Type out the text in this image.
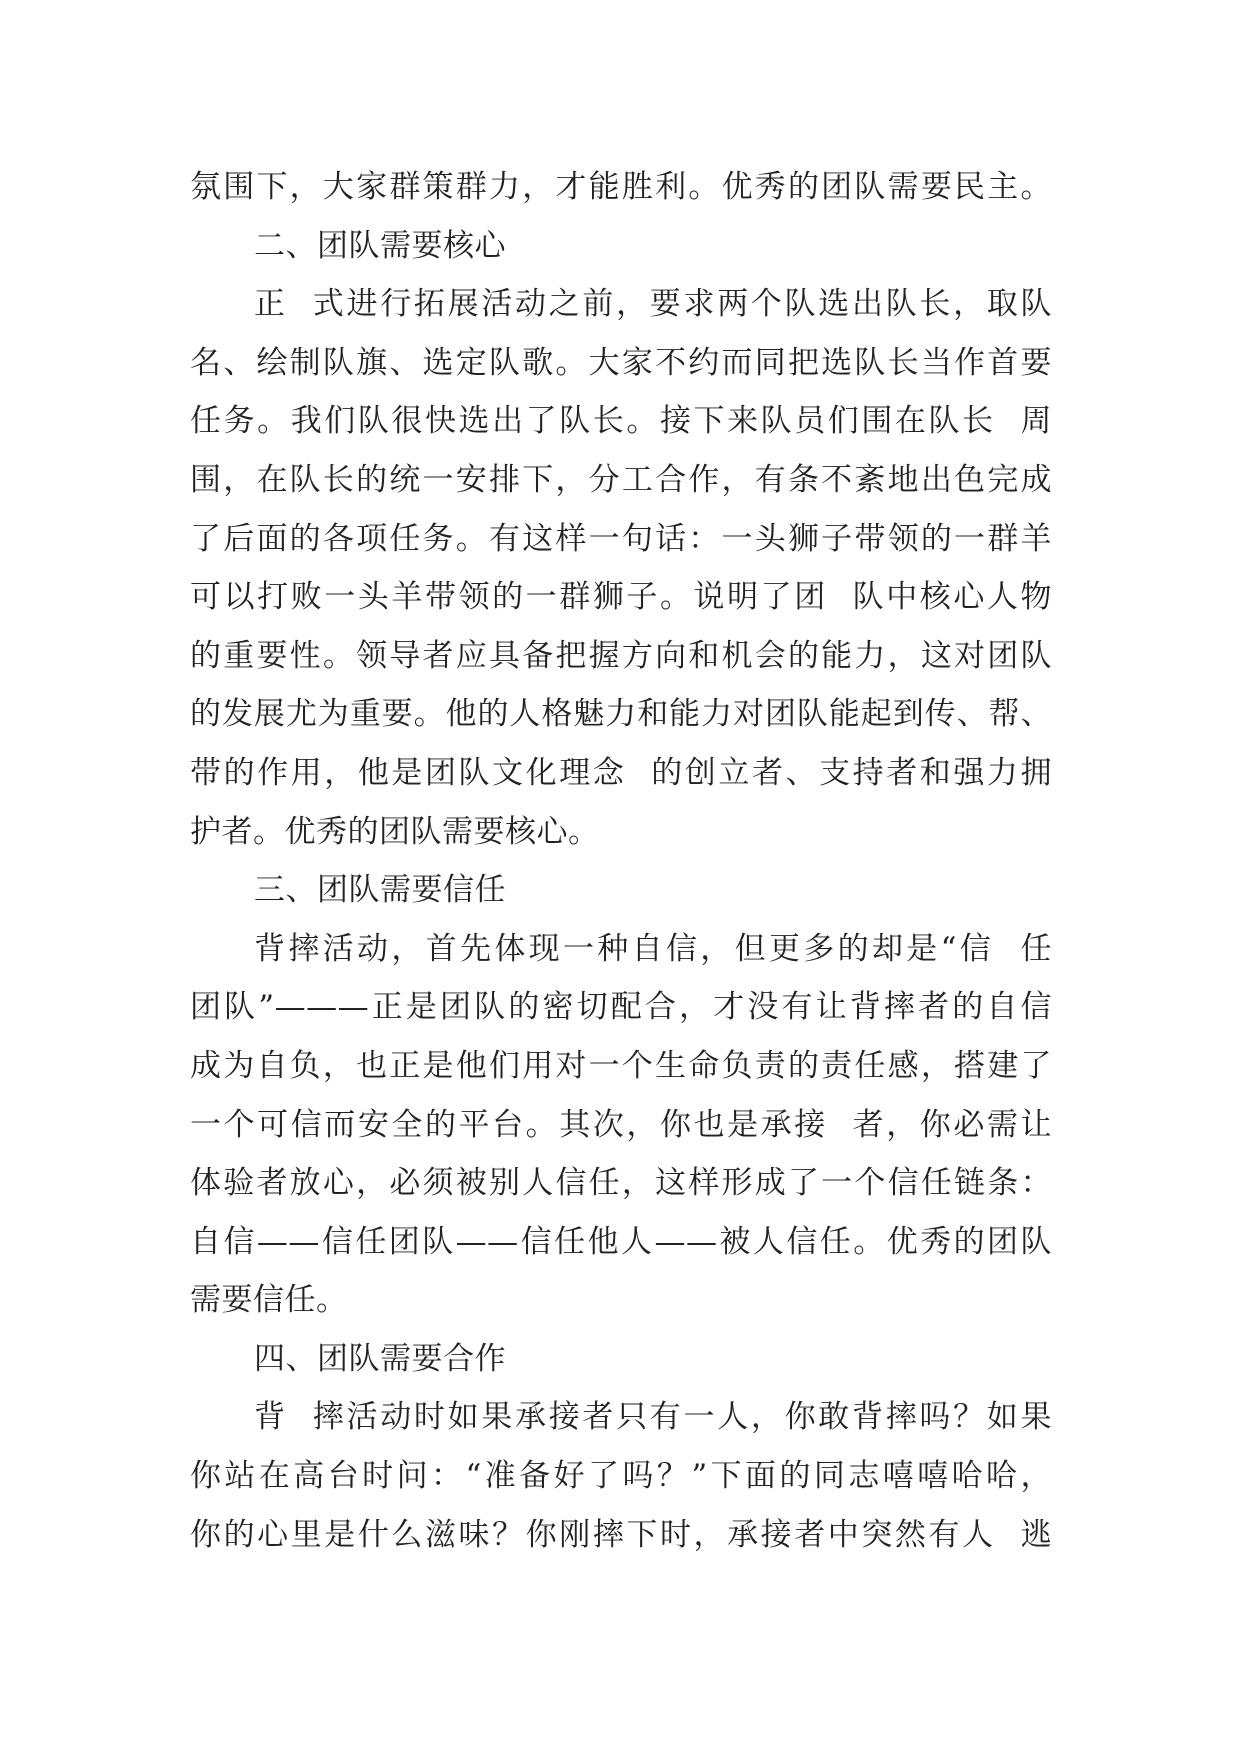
氛围下，大家群策群力，才能胜利。优秀的团队需要民主。
二、团队需要核心
正  式进行拓展活动之前，要求两个队选出队长，取队
名、绘制队旗、选定队歌。大家不约而同把选队长当作首要
任务。我们队很快选出了队长。接下来队员们围在队长  周
围，在队长的统一安排下，分工合作，有条不紊地出色完成
了后面的各项任务。有这样一句话：一头狮子带领的一群羊
可以打败一头羊带领的一群狮子。说明了团  队中核心人物
的重要性。领导者应具备把握方向和机会的能力，这对团队
的发展尤为重要。他的人格魅力和能力对团队能起到传、帮、
带的作用，他是团队文化理念  的创立者、支持者和强力拥
护者。优秀的团队需要核心。
三、团队需要信任
背摔活动，首先体现一种自信，但更多的却是“信  任
团队”———正是团队的密切配合，才没有让背摔者的自信
成为自负，也正是他们用对一个生命负责的责任感，搭建了
一个可信而安全的平台。其次，你也是承接  者，你必需让
体验者放心，必须被别人信任，这样形成了一个信任链条：
自信——信任团队——信任他人——被人信任。优秀的团队
需要信任。
四、团队需要合作
背  摔活动时如果承接者只有一人，你敢背摔吗？如果
你站在高台时问：“准备好了吗？”下面的同志嘻嘻哈哈，
你的心里是什么滋味？你刚摔下时，承接者中突然有人  逃
